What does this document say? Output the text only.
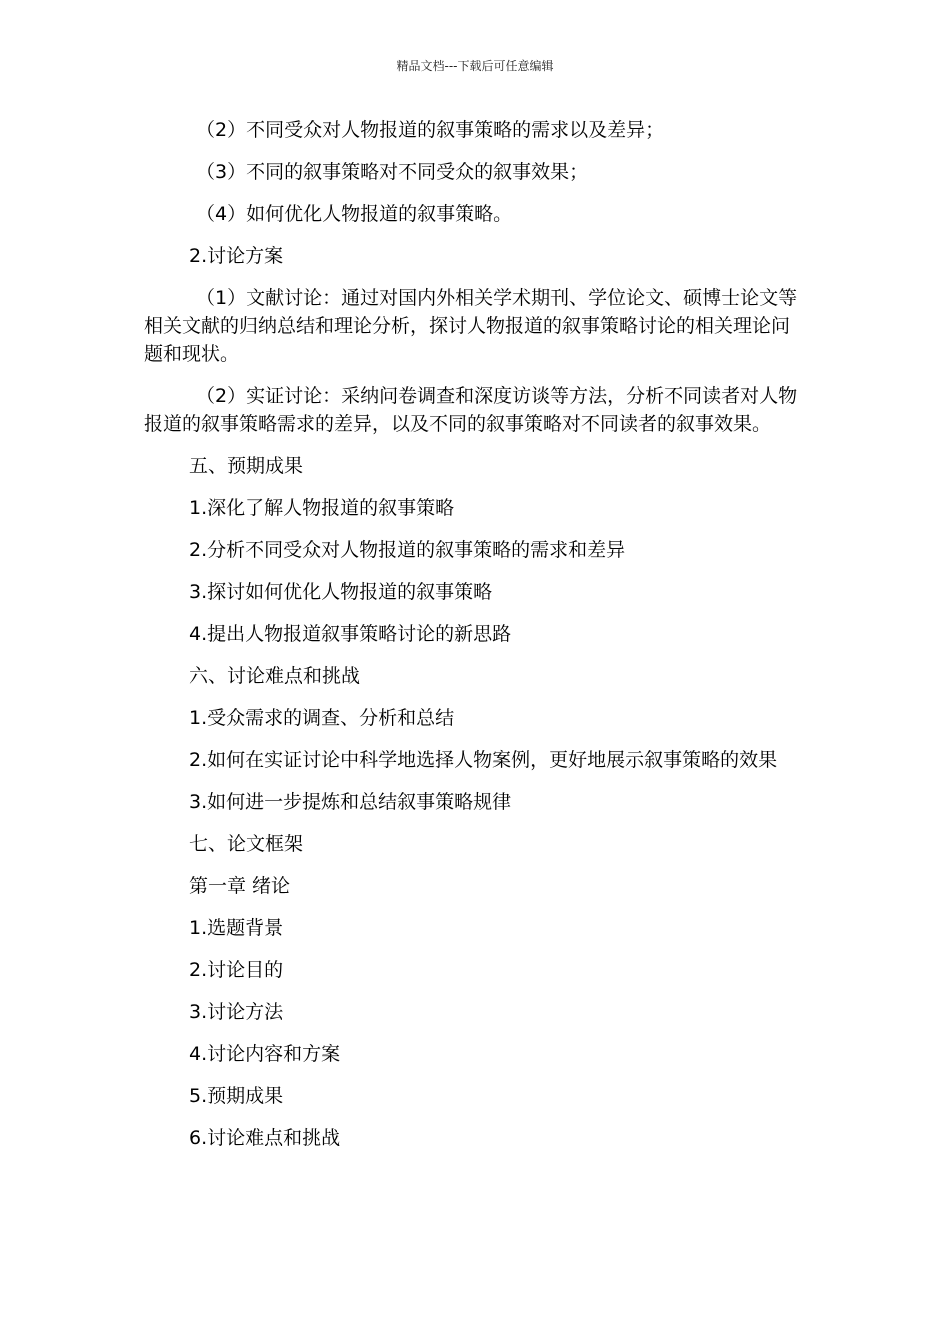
精品文档---下载后可任意编辑

（2）不同受众对人物报道的叙事策略的需求以及差异；

（3）不同的叙事策略对不同受众的叙事效果；

（4）如何优化人物报道的叙事策略。

2.讨论方案

（1）文献讨论：通过对国内外相关学术期刊、学位论文、硕博士论文等相关文献的归纳总结和理论分析，探讨人物报道的叙事策略讨论的相关理论问题和现状。

（2）实证讨论：采纳问卷调查和深度访谈等方法，分析不同读者对人物报道的叙事策略需求的差异，以及不同的叙事策略对不同读者的叙事效果。

五、预期成果

1.深化了解人物报道的叙事策略

2.分析不同受众对人物报道的叙事策略的需求和差异

3.探讨如何优化人物报道的叙事策略

4.提出人物报道叙事策略讨论的新思路

六、讨论难点和挑战

1.受众需求的调查、分析和总结

2.如何在实证讨论中科学地选择人物案例，更好地展示叙事策略的效果

3.如何进一步提炼和总结叙事策略规律

七、论文框架

第一章 绪论

1.选题背景

2.讨论目的

3.讨论方法

4.讨论内容和方案

5.预期成果

6.讨论难点和挑战
